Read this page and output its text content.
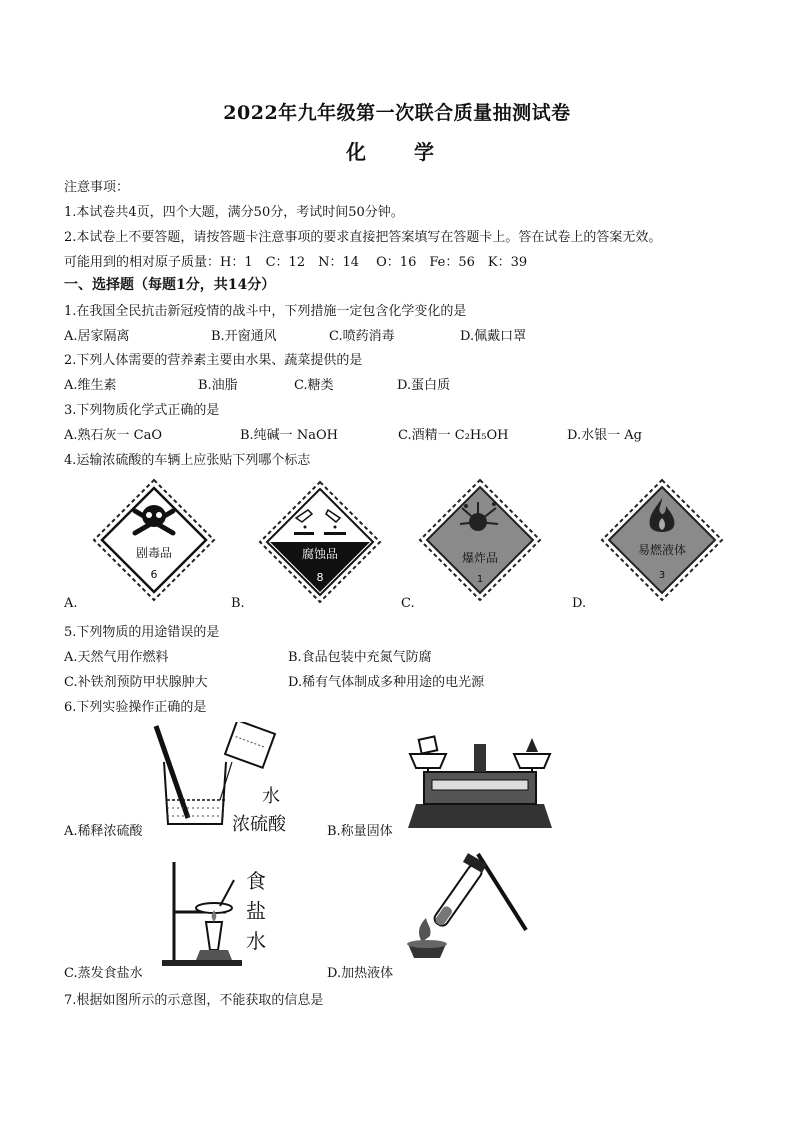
2022年九年级第一次联合质量抽测试卷
化　学
注意事项：
1.本试卷共4页，四个大题，满分50分，考试时间50分钟。
2.本试卷上不要答题，请按答题卡注意事项的要求直接把答案填写在答题卡上。答在试卷上的答案无效。
可能用到的相对原子质量：H：1　C：12　N：14　 O：16　Fe：56　K：39
一、选择题（每题1分，共14分）
1.在我国全民抗击新冠疫情的战斗中，下列措施一定包含化学变化的是
A.居家隔离	B.开窗通风	C.喷药消毒	D.佩戴口罩
2.下列人体需要的营养素主要由水果、蔬菜提供的是
A.维生素	B.油脂	C.糖类	D.蛋白质
3.下列物质化学式正确的是
A.熟石灰一 CaO	B.纯碱一 NaOH	C.酒精一 C₂H₅OH	D.水银一 Ag
4.运输浓硫酸的车辆上应张贴下列哪个标志
剧毒品
6
腐蚀品
8
爆炸品
1
易燃液体
3
A.	B.	C.	D.
5.下列物质的用途错误的是
A.天然气用作燃料	B.食品包装中充氮气防腐
C.补铁剂预防甲状腺肿大	D.稀有气体制成多种用途的电光源
6.下列实验操作正确的是
水
浓硫酸
A.稀释浓硫酸	B.称量固体
食
盐
水
C.蒸发食盐水	D.加热液体
7.根据如图所示的示意图，不能获取的信息是
